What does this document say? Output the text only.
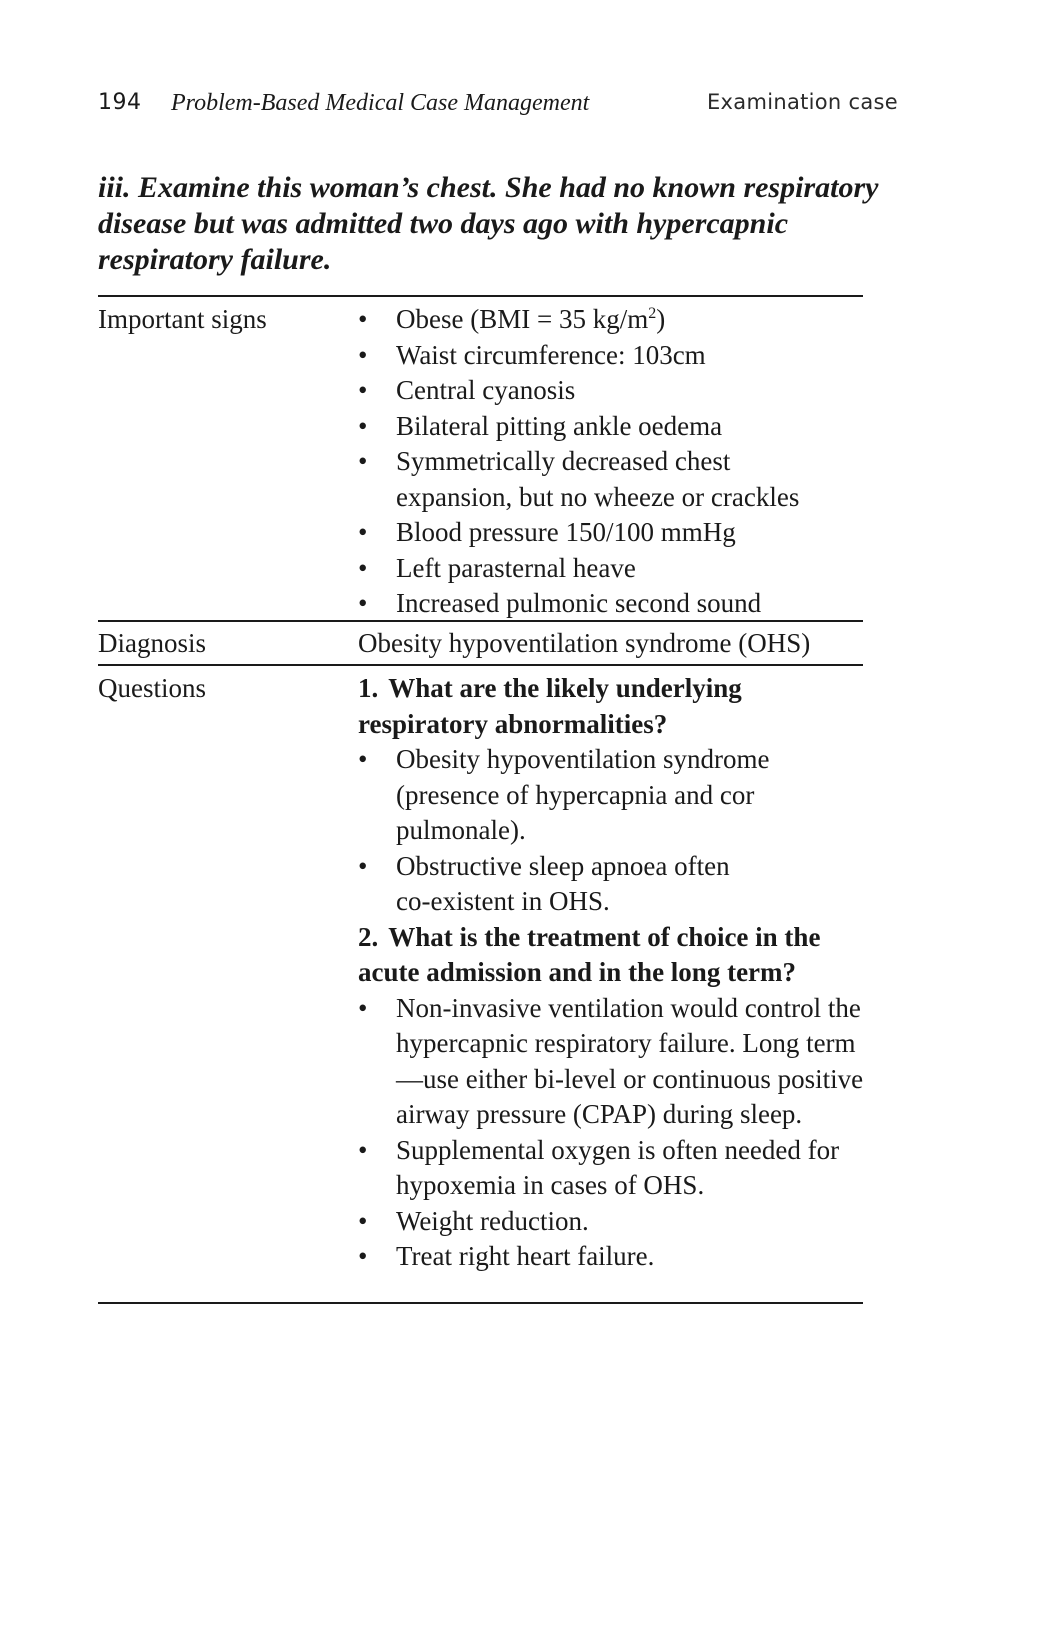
194 Problem-Based Medical Case Management	Examination case
iii. Examine this woman’s chest. She had no known respiratory disease but was admitted two days ago with hypercapnic respiratory failure.
Important signs
•	Obese (BMI = 35 $kg/m^2$)
• Waist circumference: 103cm
• Central cyanosis
• Bilateral pitting ankle oedema
• Symmetrically decreased chest expansion, but no wheeze or crackles
• Blood pressure 150/100 mmHg
• Left parasternal heave
• Increased pulmonic second sound
Diagnosis	Obesity hypoventilation syndrome (OHS)

Questions	1. What are the likely underlying respiratory abnormalities?

• Obesity hypoventilation syndrome (presence of hypercapnia and cor pulmonale).
• Obstructive sleep apnoea often co-existent in OHS.

2. What is the treatment of choice in the acute admission and in the long term?

• Non-invasive ventilation would control the hypercapnic respiratory failure. Long term—use either bi-level or continuous positive airway pressure (CPAP) during sleep.
• Supplemental oxygen is often needed for hypoxemia in cases of OHS.
• Weight reduction.
• Treat right heart failure.
